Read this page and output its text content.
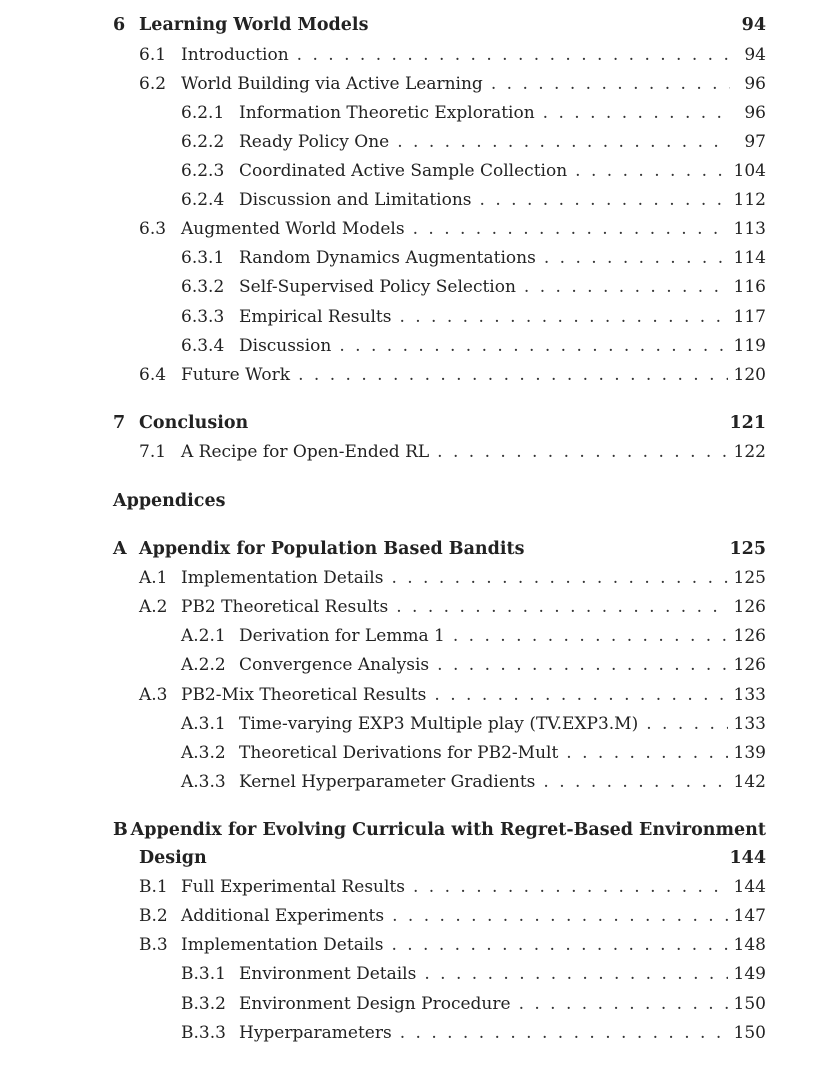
6 Learning World Models	94
6.1 Introduction . . .	94
6.2 World Building via Active Learning . . .	96
6.2.1 Information Theoretic Exploration . . .	96
6.2.2 Ready Policy One . . .	97
6.2.3 Coordinated Active Sample Collection . . .	104
6.2.4 Discussion and Limitations . . .	112
6.3 Augmented World Models . . .	113
6.3.1 Random Dynamics Augmentations . . .	114
6.3.2 Self-Supervised Policy Selection . . .	116
6.3.3 Empirical Results . . .	117
6.3.4 Discussion . . .	119
6.4 Future Work . . .	120
7 Conclusion	121
7.1 A Recipe for Open-Ended RL . . .	122
Appendices
A Appendix for Population Based Bandits	125
A.1 Implementation Details . . .	125
A.2 PB2 Theoretical Results . . .	126
A.2.1 Derivation for Lemma 1 . . .	126
A.2.2 Convergence Analysis . . .	126
A.3 PB2-Mix Theoretical Results . . .	133
A.3.1 Time-varying EXP3 Multiple play (TV.EXP3.M) . . .	133
A.3.2 Theoretical Derivations for PB2-Mult . . .	139
A.3.3 Kernel Hyperparameter Gradients . . .	142
B Appendix for Evolving Curricula with Regret-Based Environment
Design	144
B.1 Full Experimental Results . . .	144
B.2 Additional Experiments . . .	147
B.3 Implementation Details . . .	148
B.3.1 Environment Details . . .	149
B.3.2 Environment Design Procedure . . .	150
B.3.3 Hyperparameters . . .	150
